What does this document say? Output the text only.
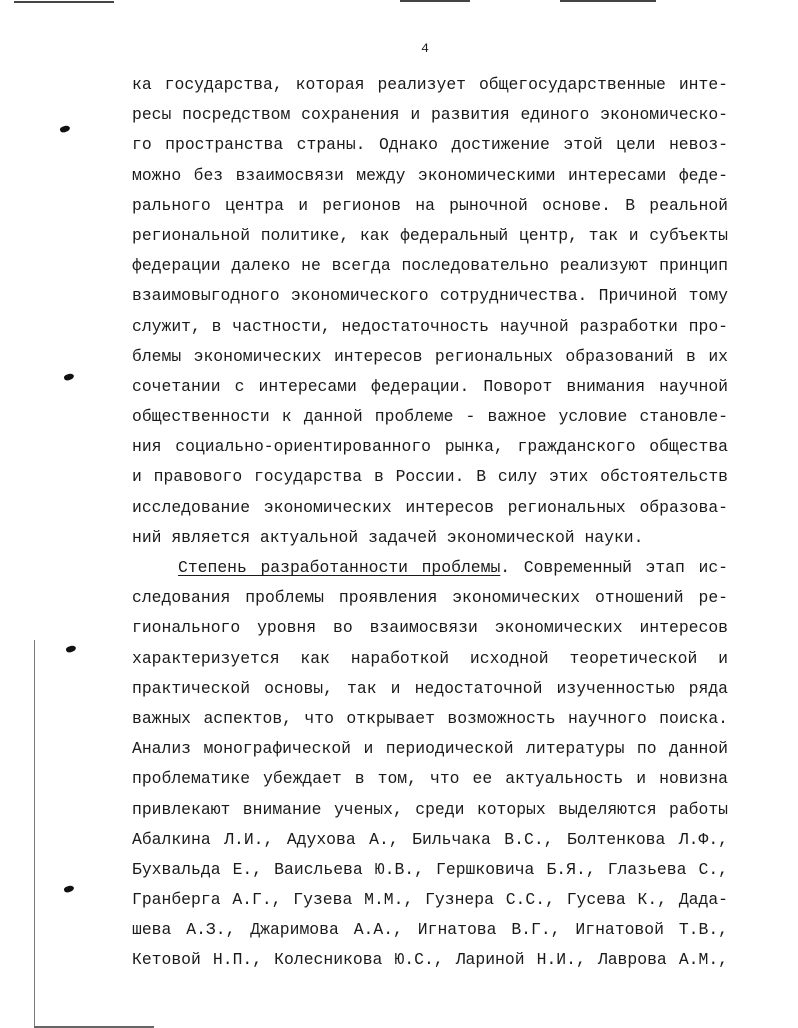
4
ка государства, которая реализует общегосударственные инте-
ресы посредством сохранения и развития единого экономическо-
го пространства страны. Однако достижение этой цели невоз-
можно без взаимосвязи между экономическими интересами феде-
рального центра и регионов на рыночной основе. В реальной
региональной политике, как федеральный центр, так и субъекты
федерации далеко не всегда последовательно реализуют принцип
взаимовыгодного экономического сотрудничества. Причиной тому
служит, в частности, недостаточность научной разработки про-
блемы экономических интересов региональных образований в их
сочетании с интересами федерации. Поворот внимания научной
общественности к данной проблеме - важное условие становле-
ния социально-ориентированного рынка, гражданского общества
и правового государства в России. В силу этих обстоятельств
исследование экономических интересов региональных образова-
ний является актуальной задачей экономической науки.
Степень разработанности проблемы. Современный этап ис-
следования проблемы проявления экономических отношений ре-
гионального уровня во взаимосвязи экономических интересов
характеризуется как наработкой исходной теоретической и
практической основы, так и недостаточной изученностью ряда
важных аспектов, что открывает возможность научного поиска.
Анализ монографической и периодической литературы по данной
проблематике убеждает в том, что ее актуальность и новизна
привлекают внимание ученых, среди которых выделяются работы
Абалкина Л.И., Адухова А., Бильчака В.С., Болтенкова Л.Ф.,
Бухвальда Е., Ваисльева Ю.В., Гершковича Б.Я., Глазьева С.,
Гранберга А.Г., Гузева М.М., Гузнера С.С., Гусева К., Дада-
шева А.З., Джаримова А.А., Игнатова В.Г., Игнатовой Т.В.,
Кетовой Н.П., Колесникова Ю.С., Лариной Н.И., Лаврова А.М.,
